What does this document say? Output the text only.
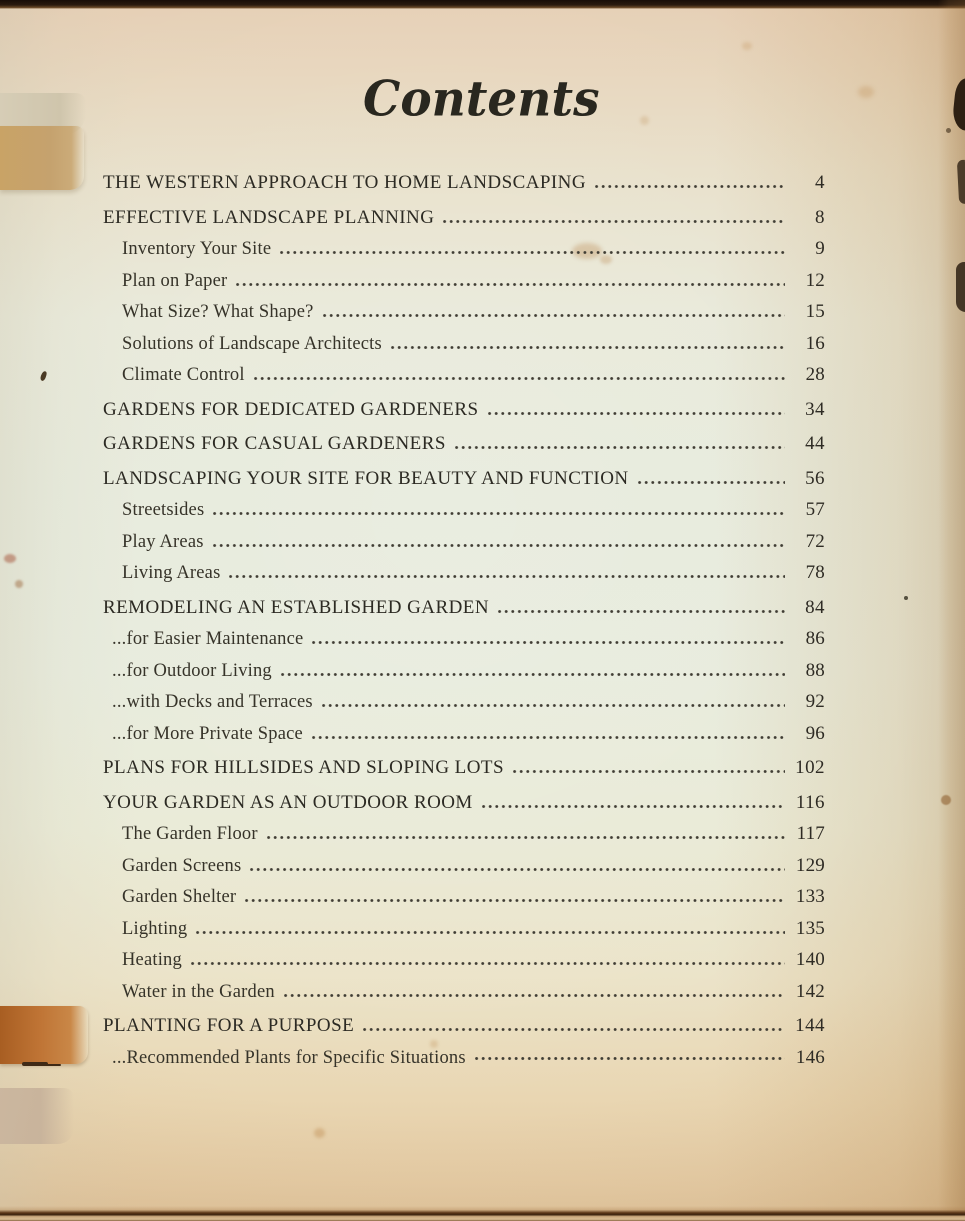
Contents
THE WESTERN APPROACH TO HOME LANDSCAPING	4
EFFECTIVE LANDSCAPE PLANNING	8
Inventory Your Site	9
Plan on Paper	12
What Size? What Shape?	15
Solutions of Landscape Architects	16
Climate Control	28
GARDENS FOR DEDICATED GARDENERS	34
GARDENS FOR CASUAL GARDENERS	44
LANDSCAPING YOUR SITE FOR BEAUTY AND FUNCTION	56
Streetsides	57
Play Areas	72
Living Areas	78
REMODELING AN ESTABLISHED GARDEN	84
...for Easier Maintenance	86
...for Outdoor Living	88
...with Decks and Terraces	92
...for More Private Space	96
PLANS FOR HILLSIDES AND SLOPING LOTS	102
YOUR GARDEN AS AN OUTDOOR ROOM	116
The Garden Floor	117
Garden Screens	129
Garden Shelter	133
Lighting	135
Heating	140
Water in the Garden	142
PLANTING FOR A PURPOSE	144
...Recommended Plants for Specific Situations	146
